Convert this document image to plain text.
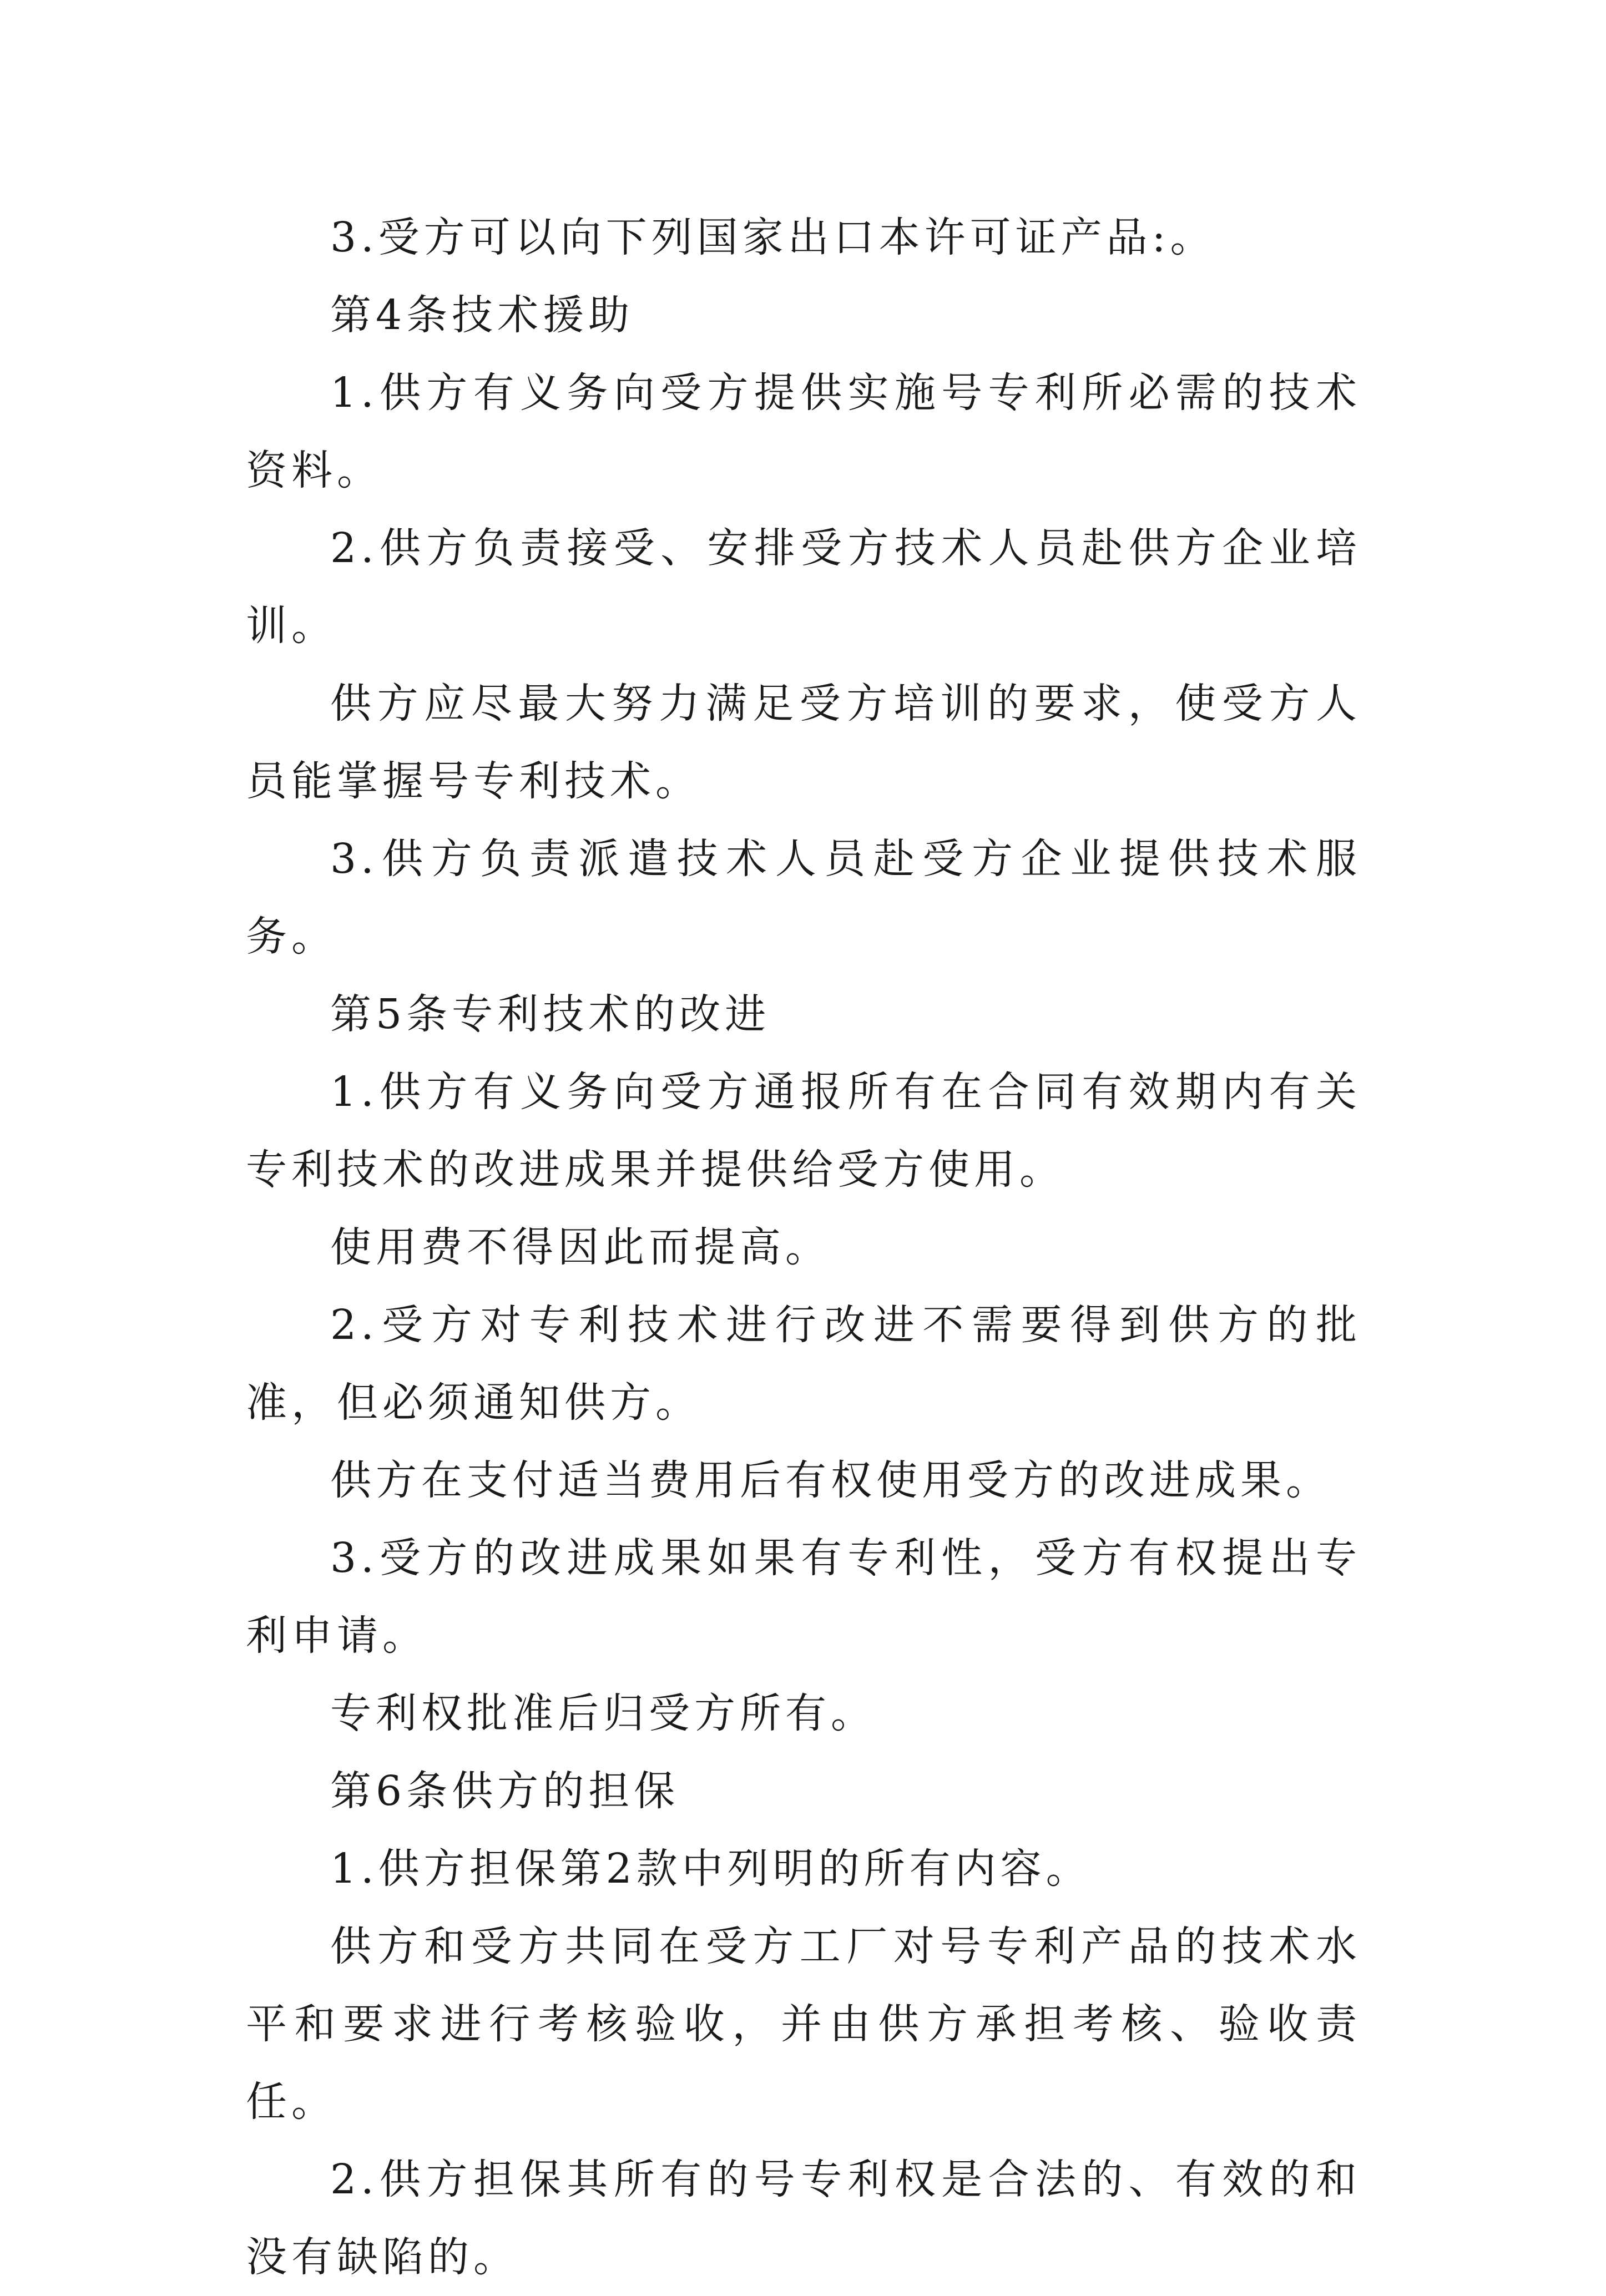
3.受方可以向下列国家出口本许可证产品:。

第4条技术援助

1.供方有义务向受方提供实施号专利所必需的技术资料。

2.供方负责接受、安排受方技术人员赴供方企业培训。

供方应尽最大努力满足受方培训的要求，使受方人员能掌握号专利技术。

3.供方负责派遣技术人员赴受方企业提供技术服务。

第5条专利技术的改进

1.供方有义务向受方通报所有在合同有效期内有关专利技术的改进成果并提供给受方使用。

使用费不得因此而提高。

2.受方对专利技术进行改进不需要得到供方的批准，但必须通知供方。

供方在支付适当费用后有权使用受方的改进成果。

3.受方的改进成果如果有专利性，受方有权提出专利申请。

专利权批准后归受方所有。

第6条供方的担保

1.供方担保第2款中列明的所有内容。

供方和受方共同在受方工厂对号专利产品的技术水平和要求进行考核验收，并由供方承担考核、验收责任。

2.供方担保其所有的号专利权是合法的、有效的和没有缺陷的。
